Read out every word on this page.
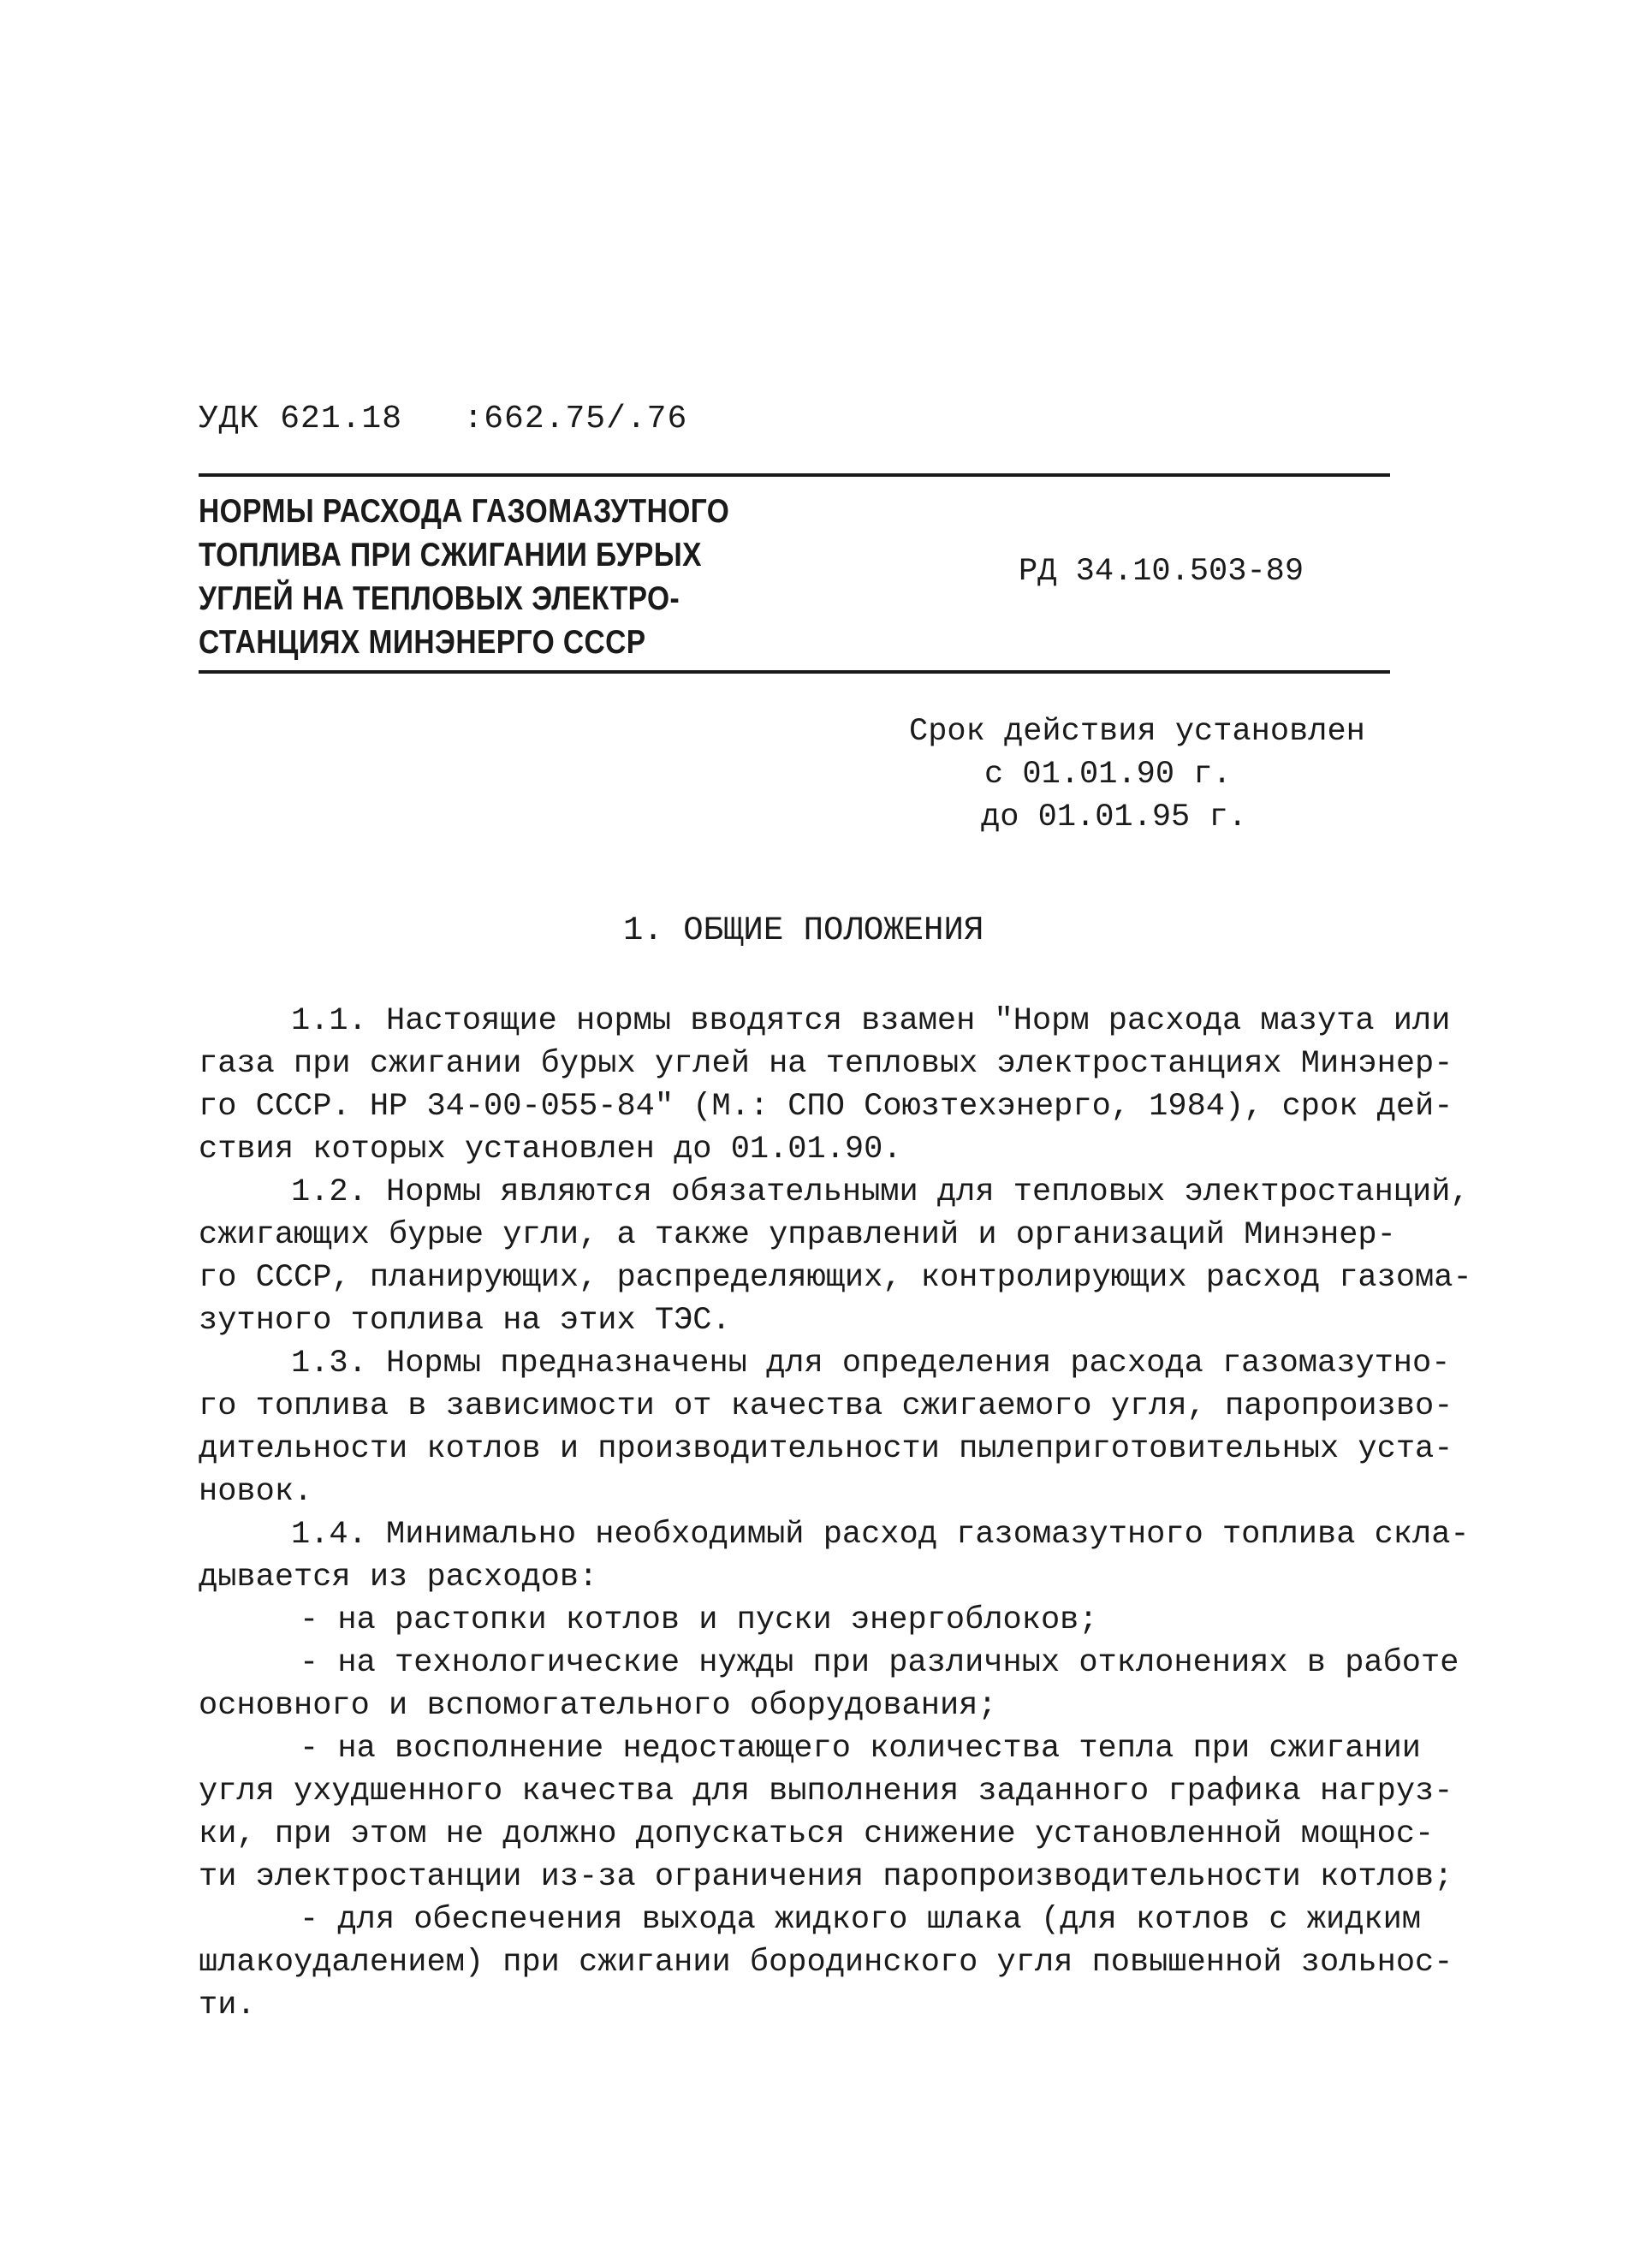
УДК 621.18   :662.75/.76
НОРМЫ РАСХОДА ГАЗОМАЗУТНОГО
ТОПЛИВА ПРИ СЖИГАНИИ БУРЫХ
УГЛЕЙ НА ТЕПЛОВЫХ ЭЛЕКТРО-
СТАНЦИЯХ МИНЭНЕРГО СССР
РД 34.10.503-89

Срок действия установлен

с 01.01.90 г.

до 01.01.95 г.

1. ОБЩИЕ ПОЛОЖЕНИЯ
1.1. Настоящие нормы вводятся взамен "Норм расхода мазута или
газа при сжигании бурых углей на тепловых электростанциях Минэнер-
го СССР. НР 34-00-055-84" (М.: СПО Союзтехэнерго, 1984), срок дей-
ствия которых установлен до 01.01.90.
1.2. Нормы являются обязательными для тепловых электростанций,
сжигающих бурые угли, а также управлений и организаций Минэнер-
го СССР, планирующих, распределяющих, контролирующих расход газома-
зутного топлива на этих ТЭС.
1.3. Нормы предназначены для определения расхода газомазутно-
го топлива в зависимости от качества сжигаемого угля, паропроизво-
дительности котлов и производительности пылеприготовительных уста-
новок.
1.4. Минимально необходимый расход газомазутного топлива скла-
дывается из расходов:
- на растопки котлов и пуски энергоблоков;
- на технологические нужды при различных отклонениях в работе
основного и вспомогательного оборудования;
- на восполнение недостающего количества тепла при сжигании
угля ухудшенного качества для выполнения заданного графика нагруз-
ки, при этом не должно допускаться снижение установленной мощнос-
ти электростанции из-за ограничения паропроизводительности котлов;
- для обеспечения выхода жидкого шлака (для котлов с жидким
шлакоудалением) при сжигании бородинского угля повышенной зольнос-
ти.
